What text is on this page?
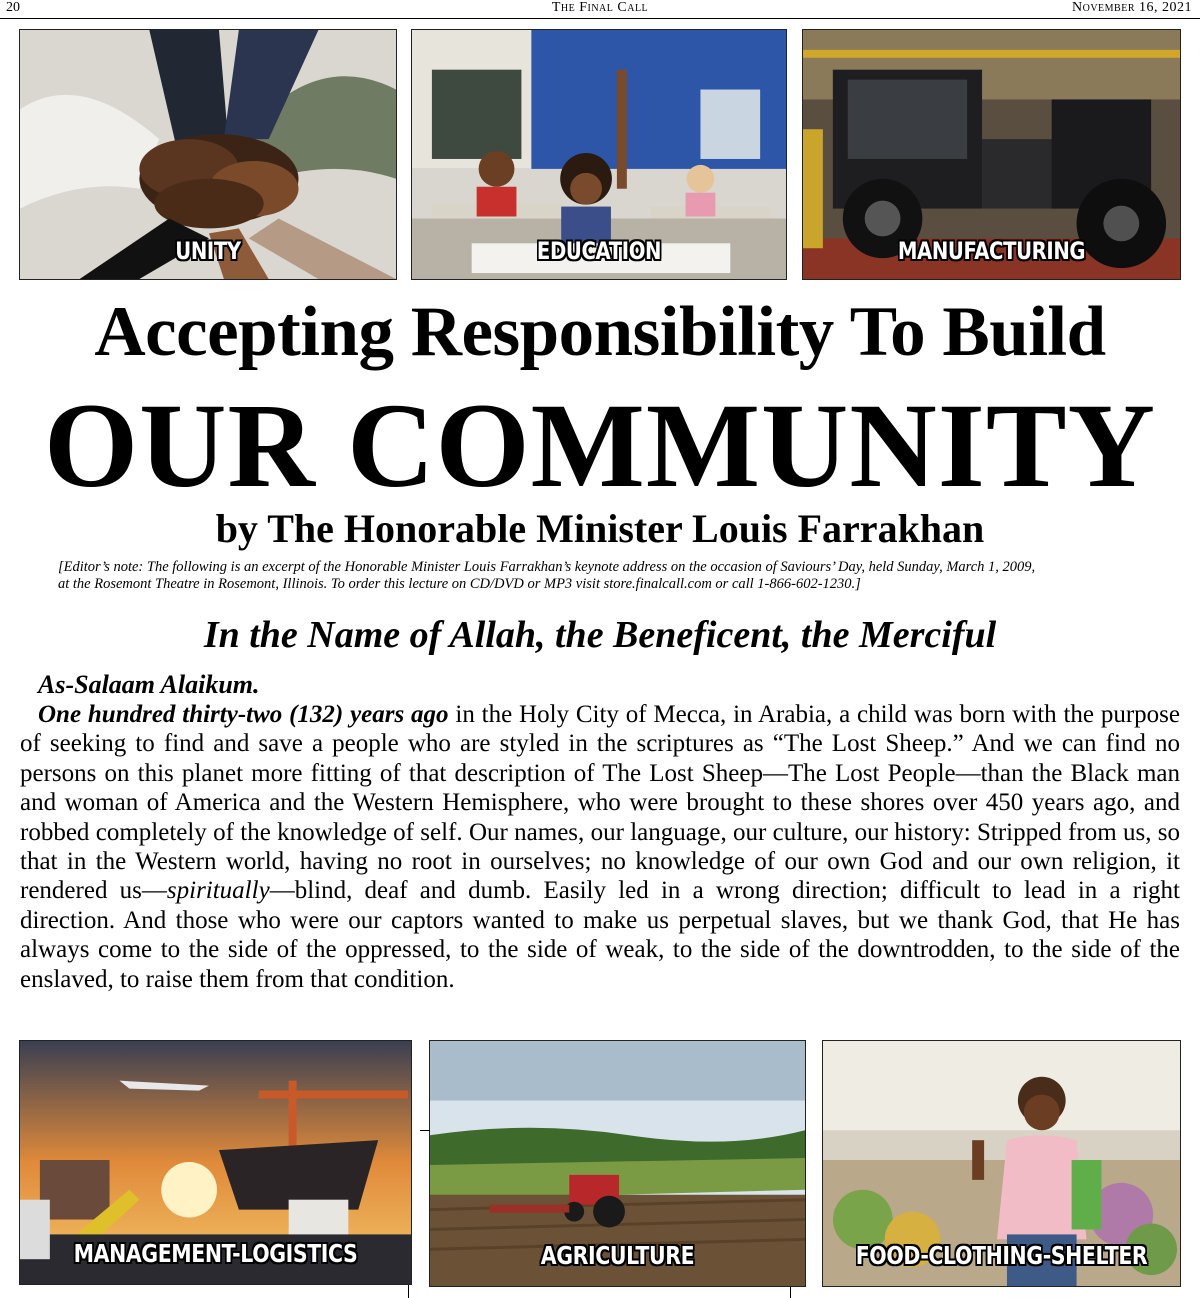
The Final Call
20	November 16, 2021
UNITY	EDUCATION	MANUFACTURING
Accepting Responsibility To Build
OUR COMMUNITY
by The Honorable Minister Louis Farrakhan
[Editor’s note: The following is an excerpt of the Honorable Minister Louis Farrakhan’s keynote address on the occasion of Saviours’ Day, held Sunday, March 1, 2009,
at the Rosemont Theatre in Rosemont, Illinois. To order this lecture on CD/DVD or MP3 visit store.finalcall.com or call 1-866-602-1230.]
In the Name of Allah, the Beneficent, the Merciful
As-Salaam Alaikum.

One hundred thirty-two (132) years ago in the Holy City of Mecca, in Arabia, a child was born with the purpose of seeking to find and save a people who are styled in the scriptures as “The Lost Sheep.” And we can find no persons on this planet more fitting of that description of The Lost Sheep—The Lost People—than the Black man and woman of America and the Western Hemisphere, who were brought to these shores over 450 years ago, and robbed completely of the knowledge of self. Our names, our language, our culture, our history: Stripped from us, so that in the Western world, having no root in ourselves; no knowledge of our own God and our own religion, it rendered us—spiritually—blind, deaf and dumb. Easily led in a wrong direction; difficult to lead in a right direction. And those who were our captors wanted to make us perpetual slaves, but we thank God, that He has always come to the side of the oppressed, to the side of weak, to the side of the downtrodden, to the side of the enslaved, to raise them from that condition.

MANAGEMENT-LOGISTICS	AGRICULTURE	FOOD-CLOTHING-SHELTER
